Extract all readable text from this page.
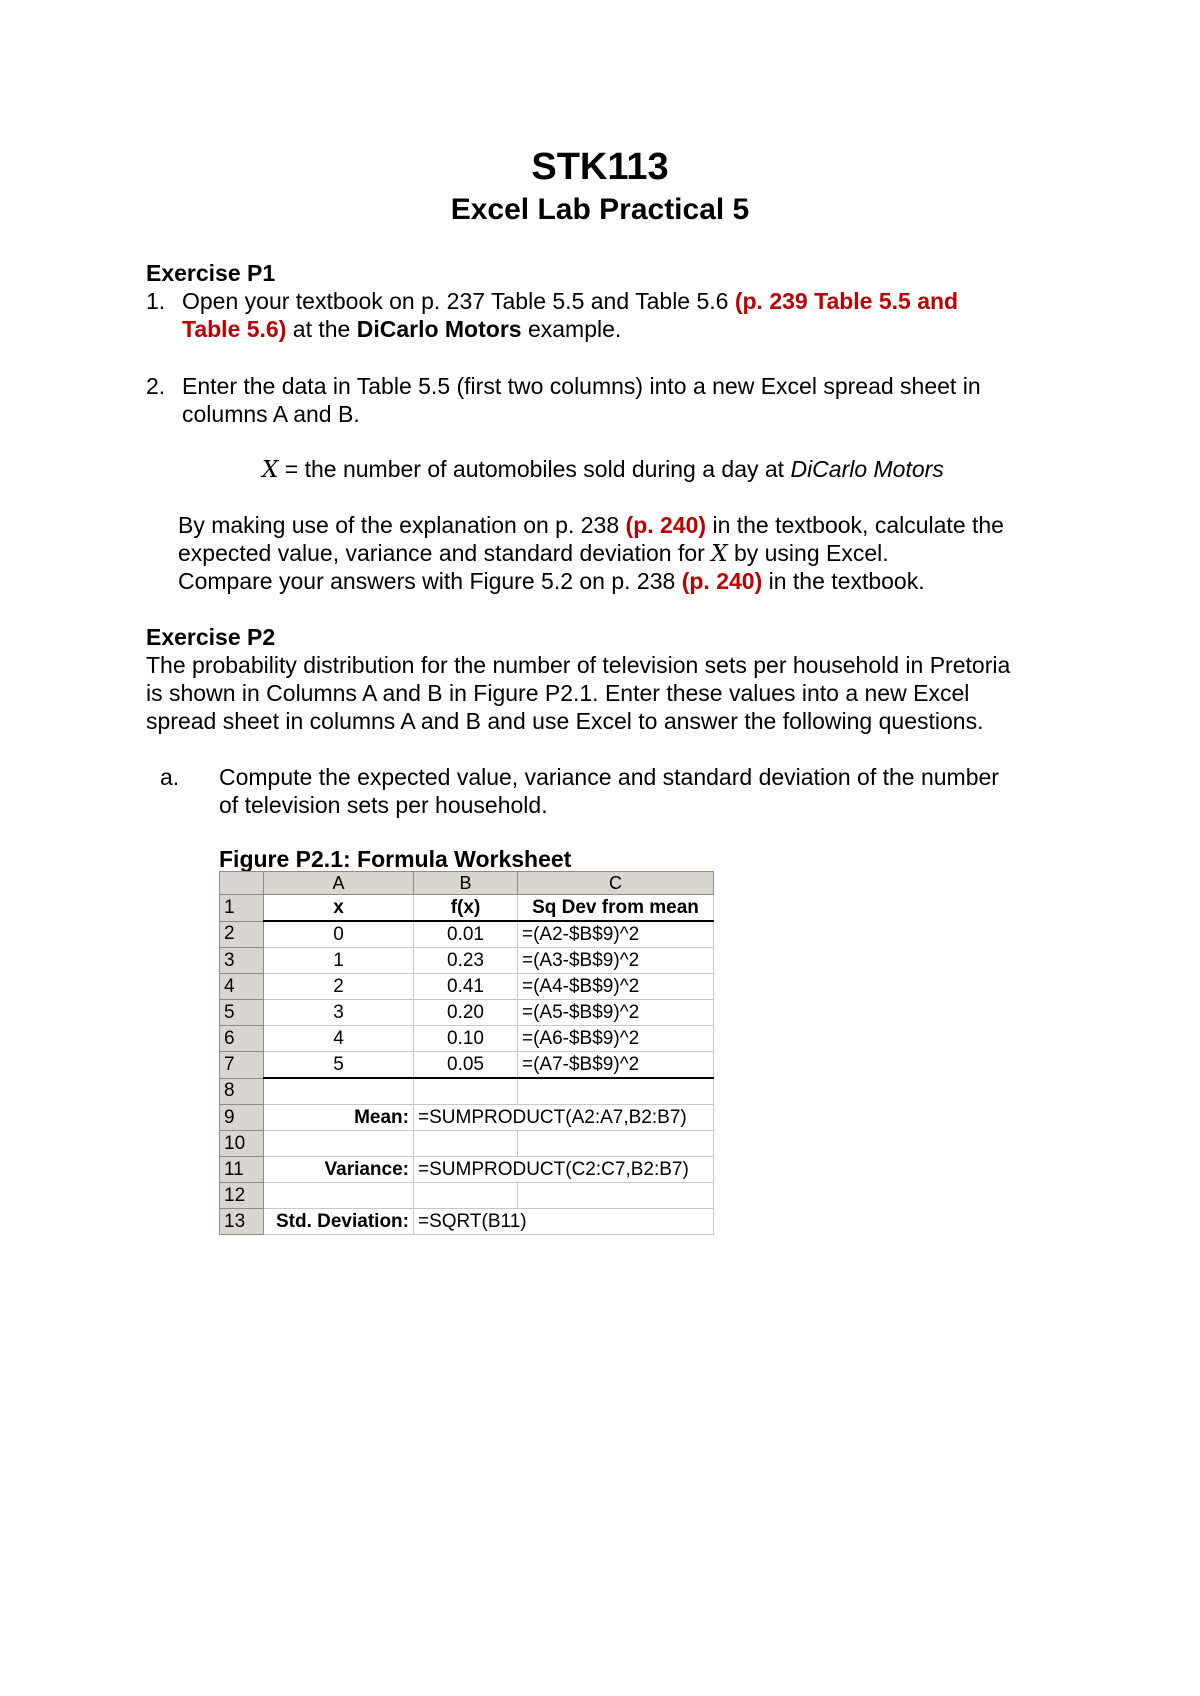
STK113
Excel Lab Practical 5
Exercise P1
1. Open your textbook on p. 237 Table 5.5 and Table 5.6 (p. 239 Table 5.5 and
Table 5.6) at the DiCarlo Motors example.
2. Enter the data in Table 5.5 (first two columns) into a new Excel spread sheet in
columns A and B.
X = the number of automobiles sold during a day at DiCarlo Motors
By making use of the explanation on p. 238 (p. 240) in the textbook, calculate the
expected value, variance and standard deviation for X by using Excel.
Compare your answers with Figure 5.2 on p. 238 (p. 240) in the textbook.
Exercise P2
The probability distribution for the number of television sets per household in Pretoria
is shown in Columns A and B in Figure P2.1. Enter these values into a new Excel
spread sheet in columns A and B and use Excel to answer the following questions.
a. Compute the expected value, variance and standard deviation of the number
of television sets per household.
Figure P2.1: Formula Worksheet
	A	B	C
1	x	f(x)	Sq Dev from mean
2	0	0.01	=(A2-$B$9)^2
3	1	0.23	=(A3-$B$9)^2
4	2	0.41	=(A4-$B$9)^2
5	3	0.20	=(A5-$B$9)^2
6	4	0.10	=(A6-$B$9)^2
7	5	0.05	=(A7-$B$9)^2
8			
9	Mean:	=SUMPRODUCT(A2:A7,B2:B7)	
10			
11	Variance:	=SUMPRODUCT(C2:C7,B2:B7)	
12			
13	Std. Deviation:	=SQRT(B11)	
